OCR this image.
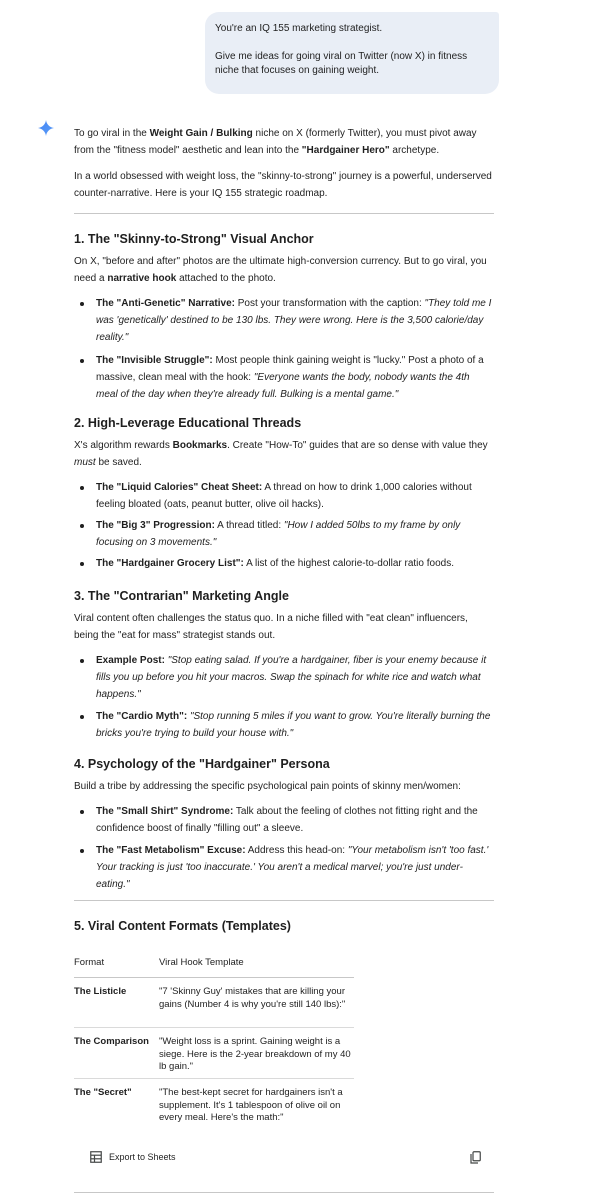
You're an IQ 155 marketing strategist.

Give me ideas for going viral on Twitter (now X) in fitness niche that focuses on gaining weight.

To go viral in the Weight Gain / Bulking niche on X (formerly Twitter), you must pivot away from the "fitness model" aesthetic and lean into the "Hardgainer Hero" archetype.

In a world obsessed with weight loss, the "skinny-to-strong" journey is a powerful, underserved counter-narrative. Here is your IQ 155 strategic roadmap.

1. The "Skinny-to-Strong" Visual Anchor

On X, "before and after" photos are the ultimate high-conversion currency. But to go viral, you need a narrative hook attached to the photo.

The "Anti-Genetic" Narrative: Post your transformation with the caption: "They told me I was 'genetically' destined to be 130 lbs. They were wrong. Here is the 3,500 calorie/day reality."
The "Invisible Struggle": Most people think gaining weight is "lucky." Post a photo of a massive, clean meal with the hook: "Everyone wants the body, nobody wants the 4th meal of the day when they're already full. Bulking is a mental game."
2. High-Leverage Educational Threads

X's algorithm rewards Bookmarks. Create "How-To" guides that are so dense with value they must be saved.

The "Liquid Calories" Cheat Sheet: A thread on how to drink 1,000 calories without feeling bloated (oats, peanut butter, olive oil hacks).
The "Big 3" Progression: A thread titled: "How I added 50lbs to my frame by only focusing on 3 movements."
The "Hardgainer Grocery List": A list of the highest calorie-to-dollar ratio foods.
3. The "Contrarian" Marketing Angle

Viral content often challenges the status quo. In a niche filled with "eat clean" influencers, being the "eat for mass" strategist stands out.

Example Post: "Stop eating salad. If you're a hardgainer, fiber is your enemy because it fills you up before you hit your macros. Swap the spinach for white rice and watch what happens."
The "Cardio Myth": "Stop running 5 miles if you want to grow. You're literally burning the bricks you're trying to build your house with."
4. Psychology of the "Hardgainer" Persona

Build a tribe by addressing the specific psychological pain points of skinny men/women:

The "Small Shirt" Syndrome: Talk about the feeling of clothes not fitting right and the confidence boost of finally "filling out" a sleeve.
The "Fast Metabolism" Excuse: Address this head-on: "Your metabolism isn't 'too fast.' Your tracking is just 'too inaccurate.' You aren't a medical marvel; you're just under-eating."
5. Viral Content Formats (Templates)
Format	Viral Hook Template
The Listicle	"7 'Skinny Guy' mistakes that are killing your gains (Number 4 is why you're still 140 lbs):"
The Comparison	"Weight loss is a sprint. Gaining weight is a siege. Here is the 2-year breakdown of my 40 lb gain."
The "Secret"	"The best-kept secret for hardgainers isn't a supplement. It's 1 tablespoon of olive oil on every meal. Here's the math:"
Export to Sheets
